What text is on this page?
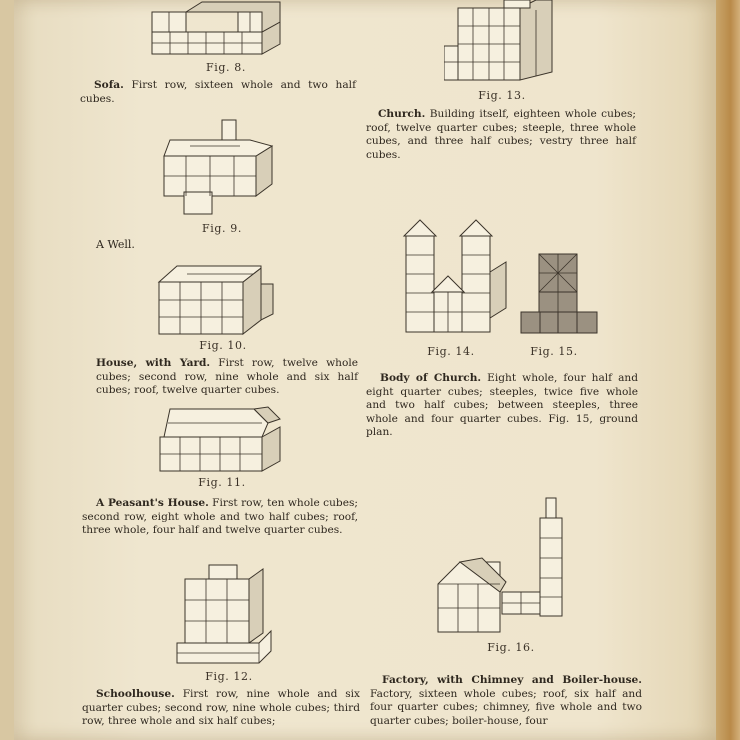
Fig. 8.
Sofa. First row, sixteen whole and two half cubes.
Fig. 9.
A Well.
Fig. 10.
House, with Yard. First row, twelve whole cubes; second row, nine whole and six half cubes; roof, twelve quarter cubes.
Fig. 11.
A Peasant's House. First row, ten whole cubes; second row, eight whole and two half cubes; roof, three whole, four half and twelve quarter cubes.
Fig. 12.
Schoolhouse. First row, nine whole and six quarter cubes; second row, nine whole cubes; third row, three whole and six half cubes;
Fig. 13.
Church. Building itself, eighteen whole cubes; roof, twelve quarter cubes; steeple, three whole cubes, and three half cubes; vestry three half cubes.
Fig. 14.	Fig. 15.
Body of Church. Eight whole, four half and eight quarter cubes; steeples, twice five whole and two half cubes; between steeples, three whole and four quarter cubes. Fig. 15, ground plan.
Fig. 16.
Factory, with Chimney and Boiler-house. Factory, sixteen whole cubes; roof, six half and four quarter cubes; chimney, five whole and two quarter cubes; boiler-house, four
